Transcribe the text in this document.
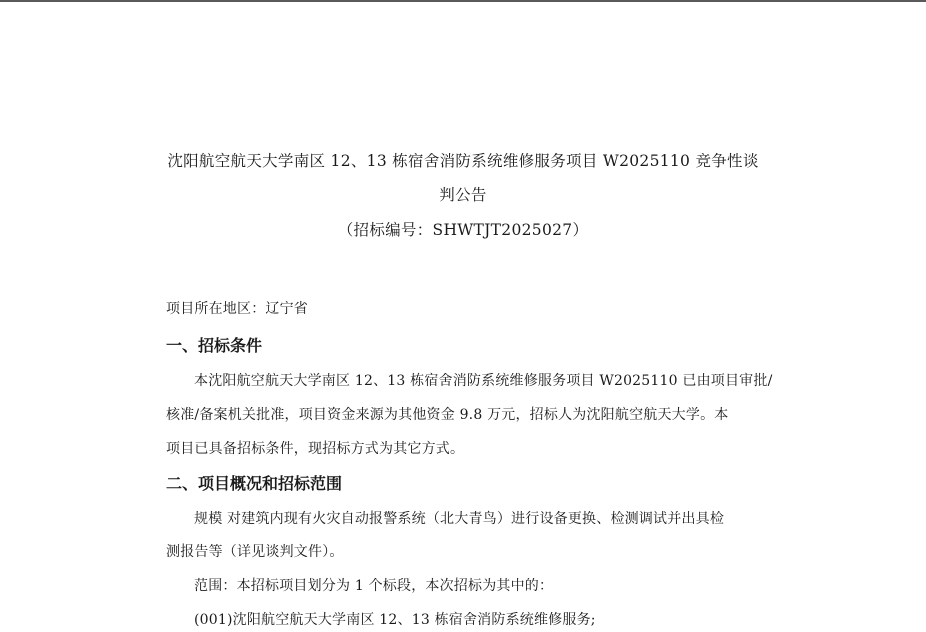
沈阳航空航天大学南区 12、13 栋宿舍消防系统维修服务项目 W2025110 竞争性谈
判公告
（招标编号：SHWTJT2025027）
项目所在地区：辽宁省
一、招标条件
本沈阳航空航天大学南区 12、13 栋宿舍消防系统维修服务项目 W2025110 已由项目审批/
核准/备案机关批准，项目资金来源为其他资金 9.8 万元，招标人为沈阳航空航天大学。本
项目已具备招标条件，现招标方式为其它方式。
二、项目概况和招标范围
规模 对建筑内现有火灾自动报警系统（北大青鸟）进行设备更换、检测调试并出具检
测报告等（详见谈判文件）。
范围：本招标项目划分为 1 个标段，本次招标为其中的：
(001)沈阳航空航天大学南区 12、13 栋宿舍消防系统维修服务;
